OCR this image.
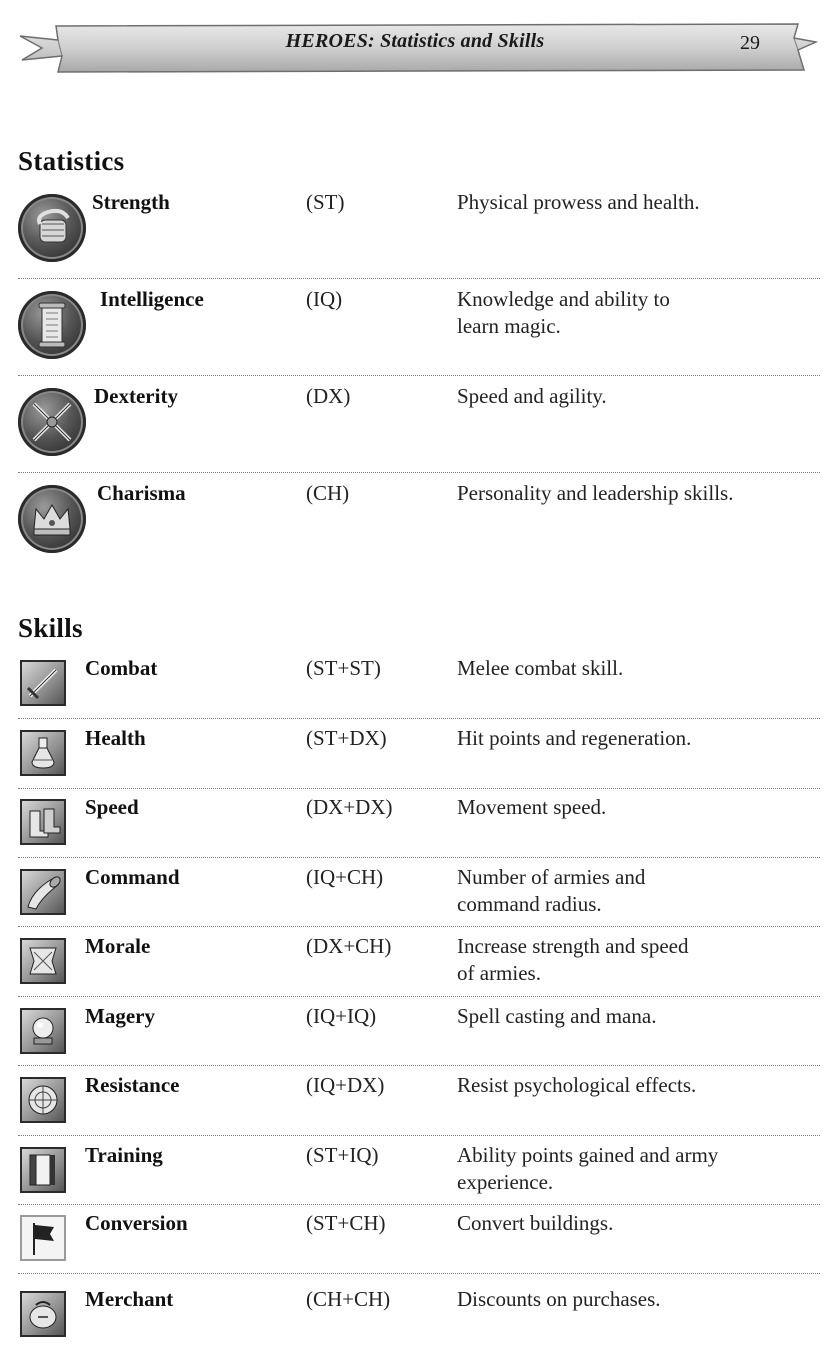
HEROES: Statistics and Skills	29
Statistics
Strength	(ST)	Physical prowess and health.
Intelligence	(IQ)	Knowledge and ability to learn magic.
Dexterity	(DX)	Speed and agility.
Charisma	(CH)	Personality and leadership skills.
Skills
Combat	(ST+ST)	Melee combat skill.
Health	(ST+DX)	Hit points and regeneration.
Speed	(DX+DX)	Movement speed.
Command	(IQ+CH)	Number of armies and command radius.
Morale	(DX+CH)	Increase strength and speed of armies.
Magery	(IQ+IQ)	Spell casting and mana.
Resistance	(IQ+DX)	Resist psychological effects.
Training	(ST+IQ)	Ability points gained and army experience.
Conversion	(ST+CH)	Convert buildings.
Merchant	(CH+CH)	Discounts on purchases.
